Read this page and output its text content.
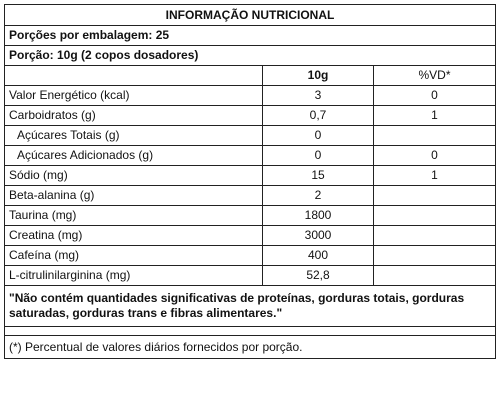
INFORMAÇÃO NUTRICIONAL		
Porções por embalagem: 25		
Porção: 10g (2 copos dosadores)		
	10g	%VD*
Valor Energético (kcal)	3	0
Carboidratos (g)	0,7	1
Açúcares Totais (g)	0	
Açúcares Adicionados (g)	0	0
Sódio (mg)	15	1
Beta-alanina (g)	2	
Taurina (mg)	1800	
Creatina (mg)	3000	
Cafeína (mg)	400	
L-citrulinilarginina (mg)	52,8	
"Não contém quantidades significativas de proteínas, gorduras totais, gorduras saturadas, gorduras trans e fibras alimentares."		

(*) Percentual de valores diários fornecidos por porção.		
